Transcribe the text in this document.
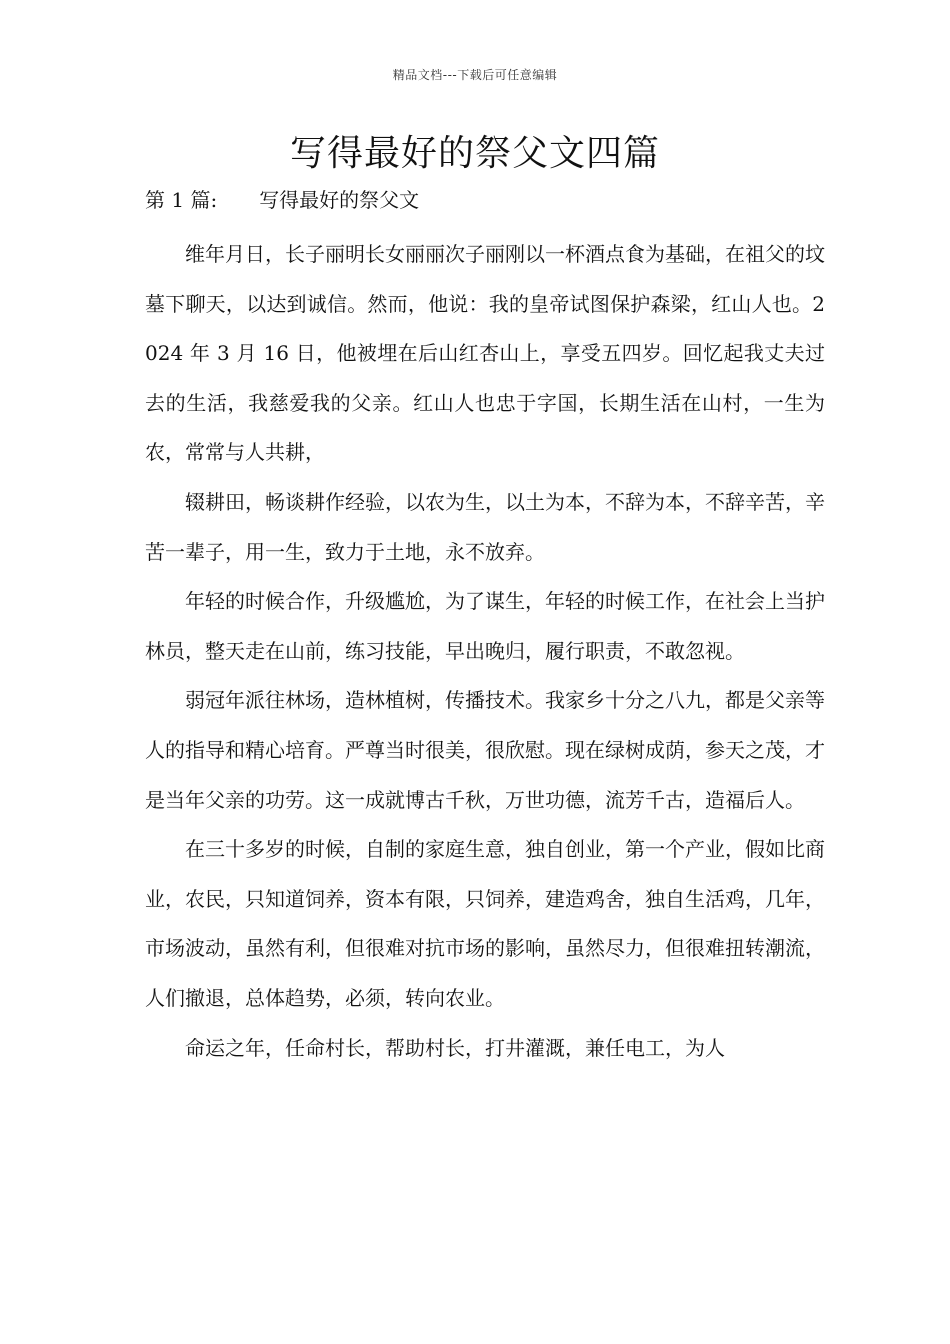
精品文档---下载后可任意编辑
写得最好的祭父文四篇
第 1 篇: 写得最好的祭父文

维年月日，长子丽明长女丽丽次子丽刚以一杯酒点食为基础，在祖父的坟墓下聊天，以达到诚信。然而，他说：我的皇帝试图保护森梁，红山人也。2024 年 3 月 16 日，他被埋在后山红杏山上，享受五四岁。回忆起我丈夫过去的生活，我慈爱我的父亲。红山人也忠于字国，长期生活在山村，一生为农，常常与人共耕，

辍耕田，畅谈耕作经验，以农为生，以土为本，不辞为本，不辞辛苦，辛苦一辈子，用一生，致力于土地，永不放弃。

年轻的时候合作，升级尴尬，为了谋生，年轻的时候工作，在社会上当护林员，整天走在山前，练习技能，早出晚归，履行职责，不敢忽视。

弱冠年派往林场，造林植树，传播技术。我家乡十分之八九，都是父亲等人的指导和精心培育。严尊当时很美，很欣慰。现在绿树成荫，参天之茂，才是当年父亲的功劳。这一成就博古千秋，万世功德，流芳千古，造福后人。

在三十多岁的时候，自制的家庭生意，独自创业，第一个产业，假如比商业，农民，只知道饲养，资本有限，只饲养，建造鸡舍，独自生活鸡，几年，市场波动，虽然有利，但很难对抗市场的影响，虽然尽力，但很难扭转潮流，人们撤退，总体趋势，必须，转向农业。

命运之年，任命村长，帮助村长，打井灌溉，兼任电工，为人
